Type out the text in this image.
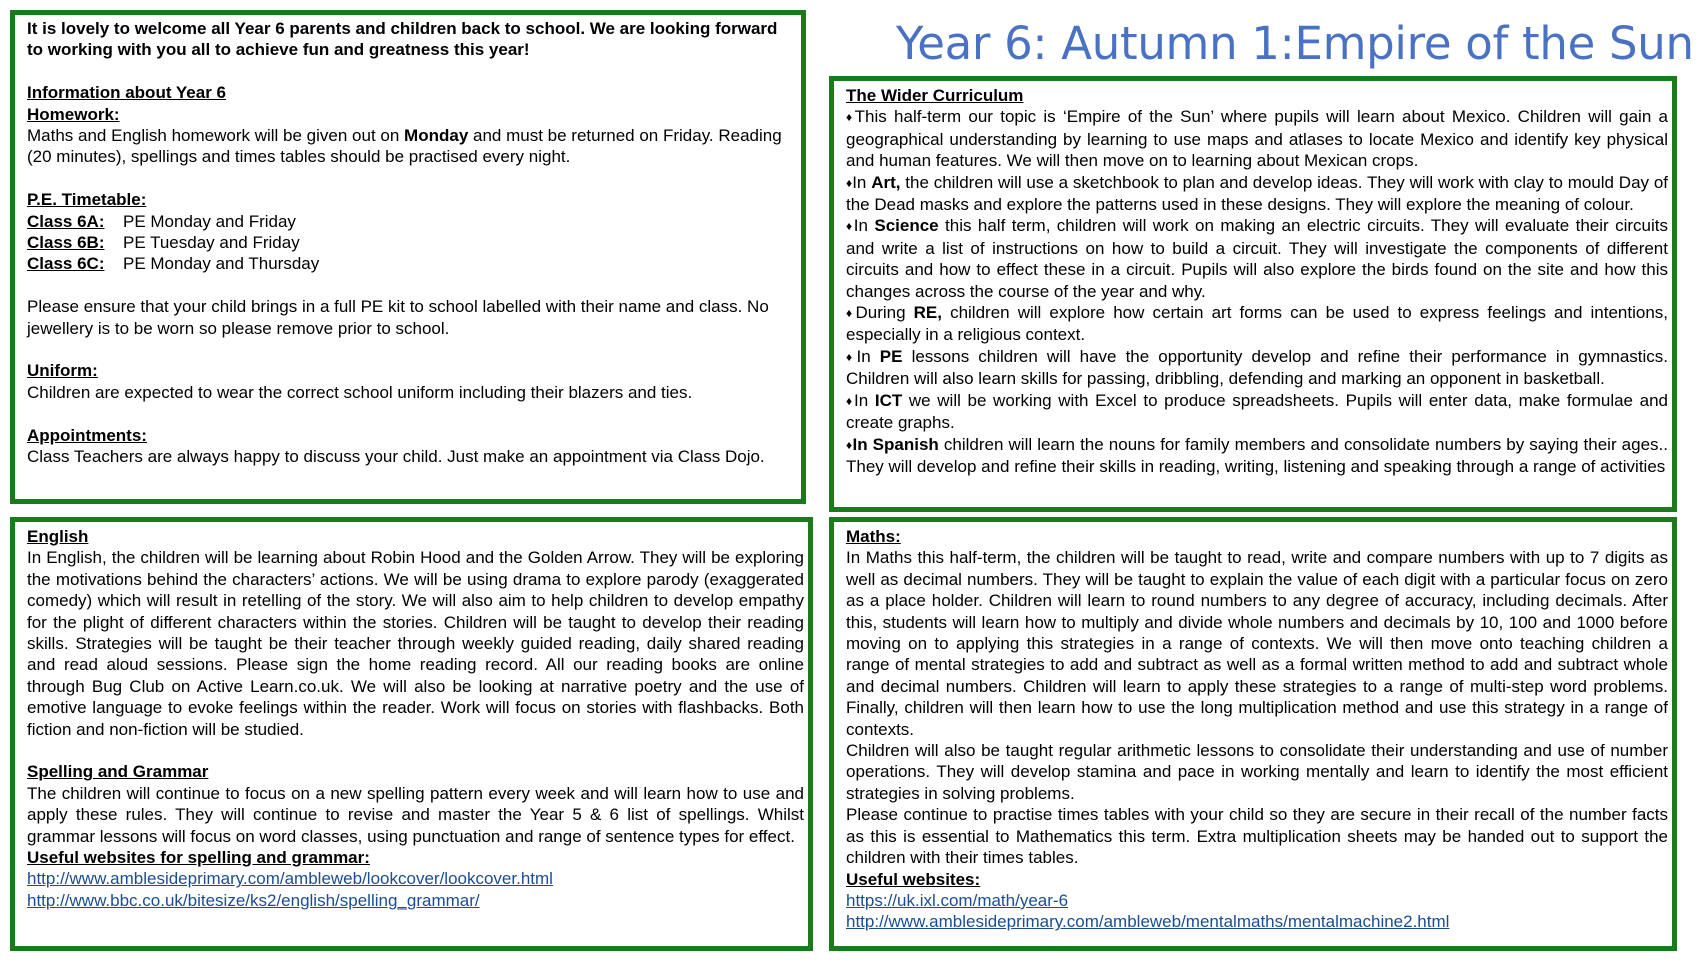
It is lovely to welcome all Year 6 parents and children back to school. We are looking forward to working with you all to achieve fun and greatness this year!

Information about Year 6

Homework:

Maths and English homework will be given out on Monday and must be returned on Friday. Reading (20 minutes), spellings and times tables should be practised every night.

P.E. Timetable:

Class 6A: PE Monday and Friday

Class 6B: PE Tuesday and Friday

Class 6C: PE Monday and Thursday

Please ensure that your child brings in a full PE kit to school labelled with their name and class. No jewellery is to be worn so please remove prior to school.

Uniform:

Children are expected to wear the correct school uniform including their blazers and ties.

Appointments:

Class Teachers are always happy to discuss your child. Just make an appointment via Class Dojo.

Year 6: Autumn 1:Empire of the Sun

The Wider Curriculum

♦This half-term our topic is ‘Empire of the Sun’ where pupils will learn about Mexico. Children will gain a geographical understanding by learning to use maps and atlases to locate Mexico and identify key physical and human features. We will then move on to learning about Mexican crops.

♦In Art, the children will use a sketchbook to plan and develop ideas. They will work with clay to mould Day of the Dead masks and explore the patterns used in these designs. They will explore the meaning of colour.

♦In Science this half term, children will work on making an electric circuits. They will evaluate their circuits and write a list of instructions on how to build a circuit. They will investigate the components of different circuits and how to effect these in a circuit. Pupils will also explore the birds found on the site and how this changes across the course of the year and why.

♦During RE, children will explore how certain art forms can be used to express feelings and intentions, especially in a religious context.

♦In PE lessons children will have the opportunity develop and refine their performance in gymnastics. Children will also learn skills for passing, dribbling, defending and marking an opponent in basketball.

♦In ICT we will be working with Excel to produce spreadsheets. Pupils will enter data, make formulae and create graphs.

♦In Spanish children will learn the nouns for family members and consolidate numbers by saying their ages.. They will develop and refine their skills in reading, writing, listening and speaking through a range of activities

English

In English, the children will be learning about Robin Hood and the Golden Arrow. They will be exploring the motivations behind the characters’ actions. We will be using drama to explore parody (exaggerated comedy) which will result in retelling of the story. We will also aim to help children to develop empathy for the plight of different characters within the stories. Children will be taught to develop their reading skills. Strategies will be taught be their teacher through weekly guided reading, daily shared reading and read aloud sessions. Please sign the home reading record. All our reading books are online through Bug Club on Active Learn.co.uk. We will also be looking at narrative poetry and the use of emotive language to evoke feelings within the reader. Work will focus on stories with flashbacks. Both fiction and non-fiction will be studied.

Spelling and Grammar

The children will continue to focus on a new spelling pattern every week and will learn how to use and apply these rules. They will continue to revise and master the Year 5 & 6 list of spellings. Whilst grammar lessons will focus on word classes, using punctuation and range of sentence types for effect.

Useful websites for spelling and grammar:

http://www.amblesideprimary.com/ambleweb/lookcover/lookcover.html
http://www.bbc.co.uk/bitesize/ks2/english/spelling_grammar/

Maths:

In Maths this half-term, the children will be taught to read, write and compare numbers with up to 7 digits as well as decimal numbers. They will be taught to explain the value of each digit with a particular focus on zero as a place holder. Children will learn to round numbers to any degree of accuracy, including decimals. After this, students will learn how to multiply and divide whole numbers and decimals by 10, 100 and 1000 before moving on to applying this strategies in a range of contexts. We will then move onto teaching children a range of mental strategies to add and subtract as well as a formal written method to add and subtract whole and decimal numbers. Children will learn to apply these strategies to a range of multi-step word problems. Finally, children will then learn how to use the long multiplication method and use this strategy in a range of contexts.

Children will also be taught regular arithmetic lessons to consolidate their understanding and use of number operations. They will develop stamina and pace in working mentally and learn to identify the most efficient strategies in solving problems.

Please continue to practise times tables with your child so they are secure in their recall of the number facts as this is essential to Mathematics this term. Extra multiplication sheets may be handed out to support the children with their times tables.

Useful websites:

https://uk.ixl.com/math/year-6
http://www.amblesideprimary.com/ambleweb/mentalmaths/mentalmachine2.html
